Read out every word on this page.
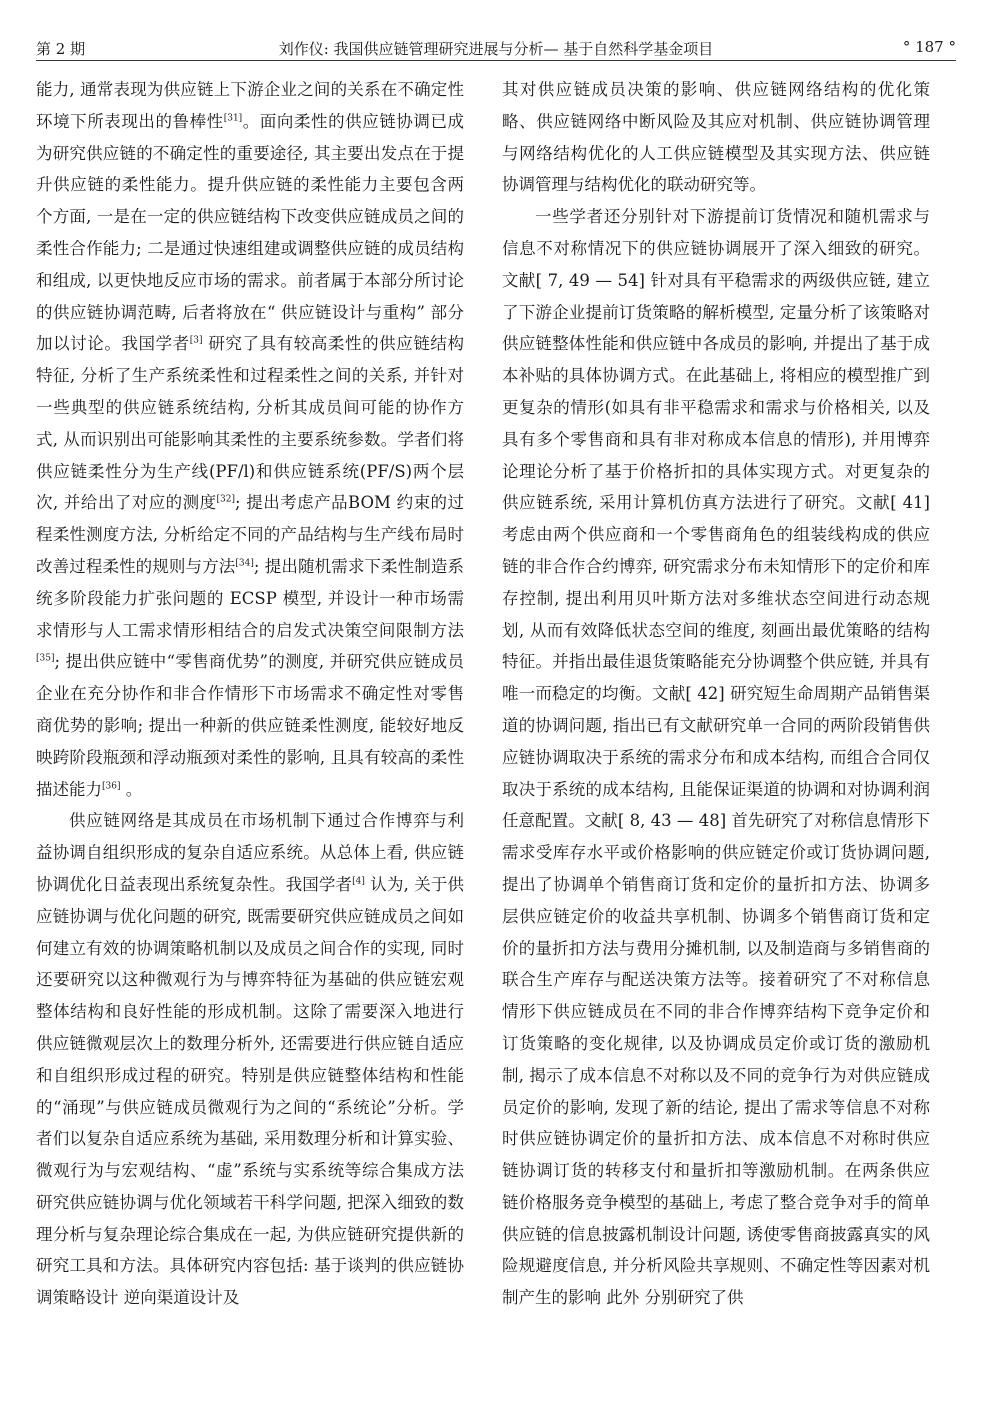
第 2 期	刘作仪: 我国供应链管理研究进展与分析— 基于自然科学基金项目	° 187 °

能力, 通常表现为供应链上下游企业之间的关系在不确定性环境下所表现出的鲁棒性[31]。面向柔性的供应链协调已成为研究供应链的不确定性的重要途径, 其主要出发点在于提升供应链的柔性能力。提升供应链的柔性能力主要包含两个方面, 一是在一定的供应链结构下改变供应链成员之间的柔性合作能力; 二是通过快速组建或调整供应链的成员结构和组成, 以更快地反应市场的需求。前者属于本部分所讨论的供应链协调范畴, 后者将放在“ 供应链设计与重构” 部分加以讨论。我国学者[3] 研究了具有较高柔性的供应链结构特征, 分析了生产系统柔性和过程柔性之间的关系, 并针对一些典型的供应链系统结构, 分析其成员间可能的协作方式, 从而识别出可能影响其柔性的主要系统参数。学者们将供应链柔性分为生产线(PF/l)和供应链系统(PF/S)两个层次, 并给出了对应的测度[32]; 提出考虑产品BOM 约束的过程柔性测度方法, 分析给定不同的产品结构与生产线布局时改善过程柔性的规则与方法[34]; 提出随机需求下柔性制造系统多阶段能力扩张问题的 ECSP 模型, 并设计一种市场需求情形与人工需求情形相结合的启发式决策空间限制方法[35]; 提出供应链中“零售商优势”的测度, 并研究供应链成员企业在充分协作和非合作情形下市场需求不确定性对零售商优势的影响; 提出一种新的供应链柔性测度, 能较好地反映跨阶段瓶颈和浮动瓶颈对柔性的影响, 且具有较高的柔性描述能力[36] 。

供应链网络是其成员在市场机制下通过合作博弈与利益协调自组织形成的复杂自适应系统。从总体上看, 供应链协调优化日益表现出系统复杂性。我国学者[4] 认为, 关于供应链协调与优化问题的研究, 既需要研究供应链成员之间如何建立有效的协调策略机制以及成员之间合作的实现, 同时还要研究以这种微观行为与博弈特征为基础的供应链宏观整体结构和良好性能的形成机制。这除了需要深入地进行供应链微观层次上的数理分析外, 还需要进行供应链自适应和自组织形成过程的研究。特别是供应链整体结构和性能的“涌现”与供应链成员微观行为之间的“系统论”分析。学者们以复杂自适应系统为基础, 采用数理分析和计算实验、微观行为与宏观结构、“虚”系统与实系统等综合集成方法研究供应链协调与优化领域若干科学问题, 把深入细致的数理分析与复杂理论综合集成在一起, 为供应链研究提供新的研究工具和方法。具体研究内容包括: 基于谈判的供应链协调策略设计 逆向渠道设计及

其对供应链成员决策的影响、供应链网络结构的优化策略、供应链网络中断风险及其应对机制、供应链协调管理与网络结构优化的人工供应链模型及其实现方法、供应链协调管理与结构优化的联动研究等。

一些学者还分别针对下游提前订货情况和随机需求与信息不对称情况下的供应链协调展开了深入细致的研究。文献[ 7, 49 — 54] 针对具有平稳需求的两级供应链, 建立了下游企业提前订货策略的解析模型, 定量分析了该策略对供应链整体性能和供应链中各成员的影响, 并提出了基于成本补贴的具体协调方式。在此基础上, 将相应的模型推广到更复杂的情形(如具有非平稳需求和需求与价格相关, 以及具有多个零售商和具有非对称成本信息的情形), 并用博弈论理论分析了基于价格折扣的具体实现方式。对更复杂的供应链系统, 采用计算机仿真方法进行了研究。文献[ 41] 考虑由两个供应商和一个零售商角色的组装线构成的供应链的非合作合约博弈, 研究需求分布未知情形下的定价和库存控制, 提出利用贝叶斯方法对多维状态空间进行动态规划, 从而有效降低状态空间的维度, 刻画出最优策略的结构特征。并指出最佳退货策略能充分协调整个供应链, 并具有唯一而稳定的均衡。文献[ 42] 研究短生命周期产品销售渠道的协调问题, 指出已有文献研究单一合同的两阶段销售供应链协调取决于系统的需求分布和成本结构, 而组合合同仅取决于系统的成本结构, 且能保证渠道的协调和对协调利润任意配置。文献[ 8, 43 — 48] 首先研究了对称信息情形下需求受库存水平或价格影响的供应链定价或订货协调问题, 提出了协调单个销售商订货和定价的量折扣方法、协调多层供应链定价的收益共享机制、协调多个销售商订货和定价的量折扣方法与费用分摊机制, 以及制造商与多销售商的联合生产库存与配送决策方法等。接着研究了不对称信息情形下供应链成员在不同的非合作博弈结构下竞争定价和订货策略的变化规律, 以及协调成员定价或订货的激励机制, 揭示了成本信息不对称以及不同的竞争行为对供应链成员定价的影响, 发现了新的结论, 提出了需求等信息不对称时供应链协调定价的量折扣方法、成本信息不对称时供应链协调订货的转移支付和量折扣等激励机制。在两条供应链价格服务竞争模型的基础上, 考虑了整合竞争对手的简单供应链的信息披露机制设计问题, 诱使零售商披露真实的风险规避度信息, 并分析风险共享规则、不确定性等因素对机制产生的影响 此外 分别研究了供
